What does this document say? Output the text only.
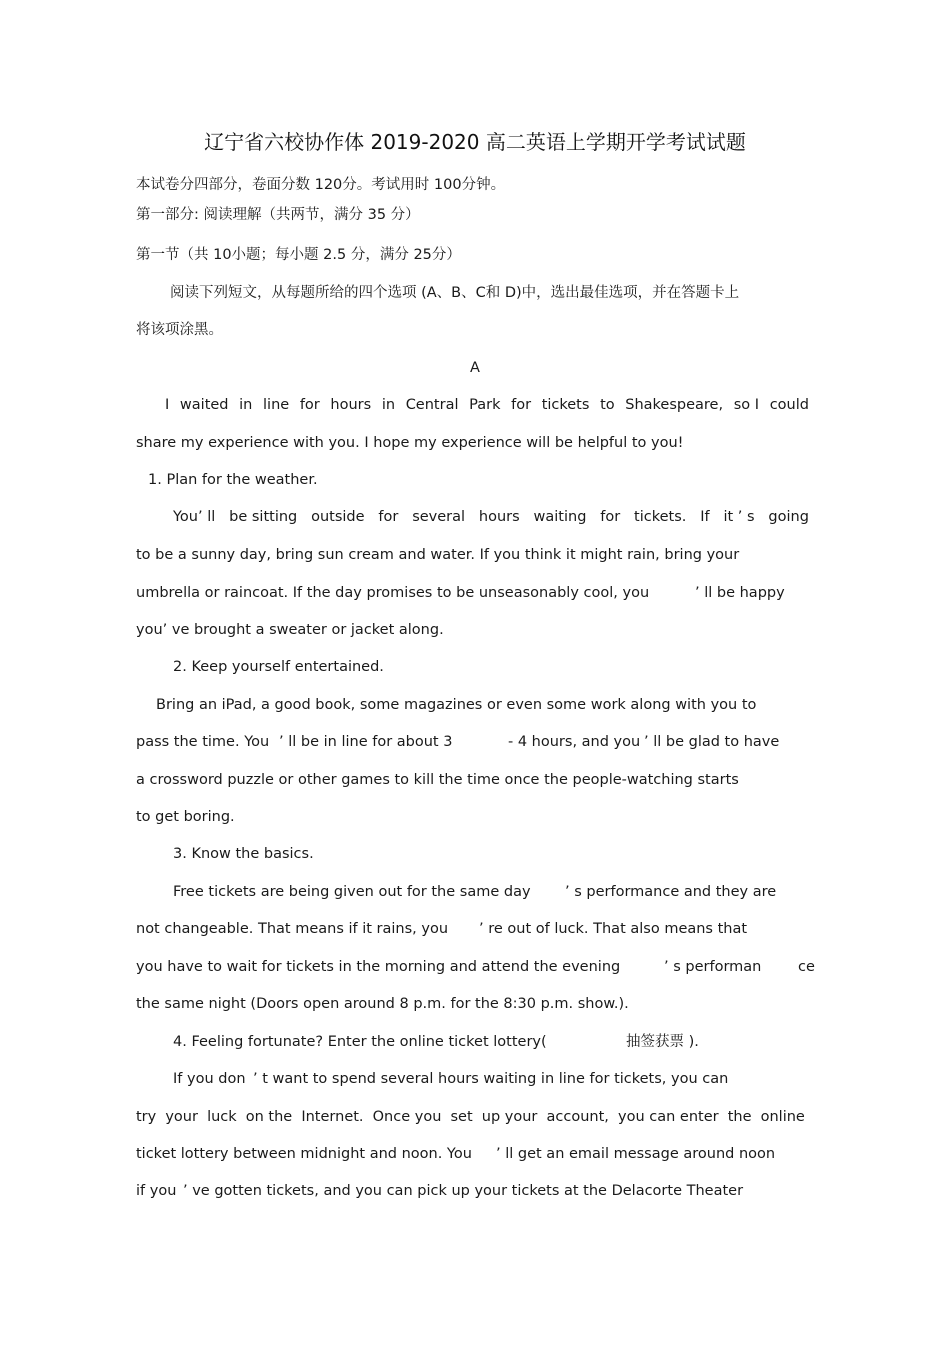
辽宁省六校协作体 2019-2020 高二英语上学期开学考试试题
本试卷分四部分，卷面分数 120分。考试用时 100分钟。
第一部分: 阅读理解（共两节，满分 35 分）
第一节（共 10小题；每小题 2.5 分，满分 25分）
阅读下列短文，从每题所给的四个选项 (A、B、C和 D)中，选出最佳选项，并在答题卡上
将该项涂黑。
A
I waited in line for hours in Central Park for tickets to Shakespeare, so I could
share my experience with you. I hope my experience will be helpful to you!
1. Plan for the weather.
You’ ll be sitting outside for several hours waiting for tickets. If it ’ s going
to be a sunny day, bring sun cream and water. If you think it might rain, bring your
umbrella or raincoat. If the day promises to be unseasonably cool, you	’ ll be happy
you’ ve brought a sweater or jacket along.
2. Keep yourself entertained.
Bring an iPad, a good book, some magazines or even some work along with you to
pass the time. You ’ ll be in line for about 3	- 4 hours, and you ’ ll be glad to have
a crossword puzzle or other games to kill the time once the people-watching starts
to get boring.
3. Know the basics.
Free tickets are being given out for the same day ’ s performance and they are
not changeable. That means if it rains, you ’ re out of luck. That also means that
you have to wait for tickets in the morning and attend the evening	’ s performan	ce
the same night (Doors open around 8 p.m. for the 8:30 p.m. show.).
4. Feeling fortunate? Enter the online ticket lottery(	抽签获票 ).
If you don ’ t want to spend several hours waiting in line for tickets, you can
try your luck on the Internet. Once you set up your account, you can enter the online
ticket lottery between midnight and noon. You ’ ll get an email message around noon
if you ’ ve gotten tickets, and you can pick up your tickets at the Delacorte Theater
